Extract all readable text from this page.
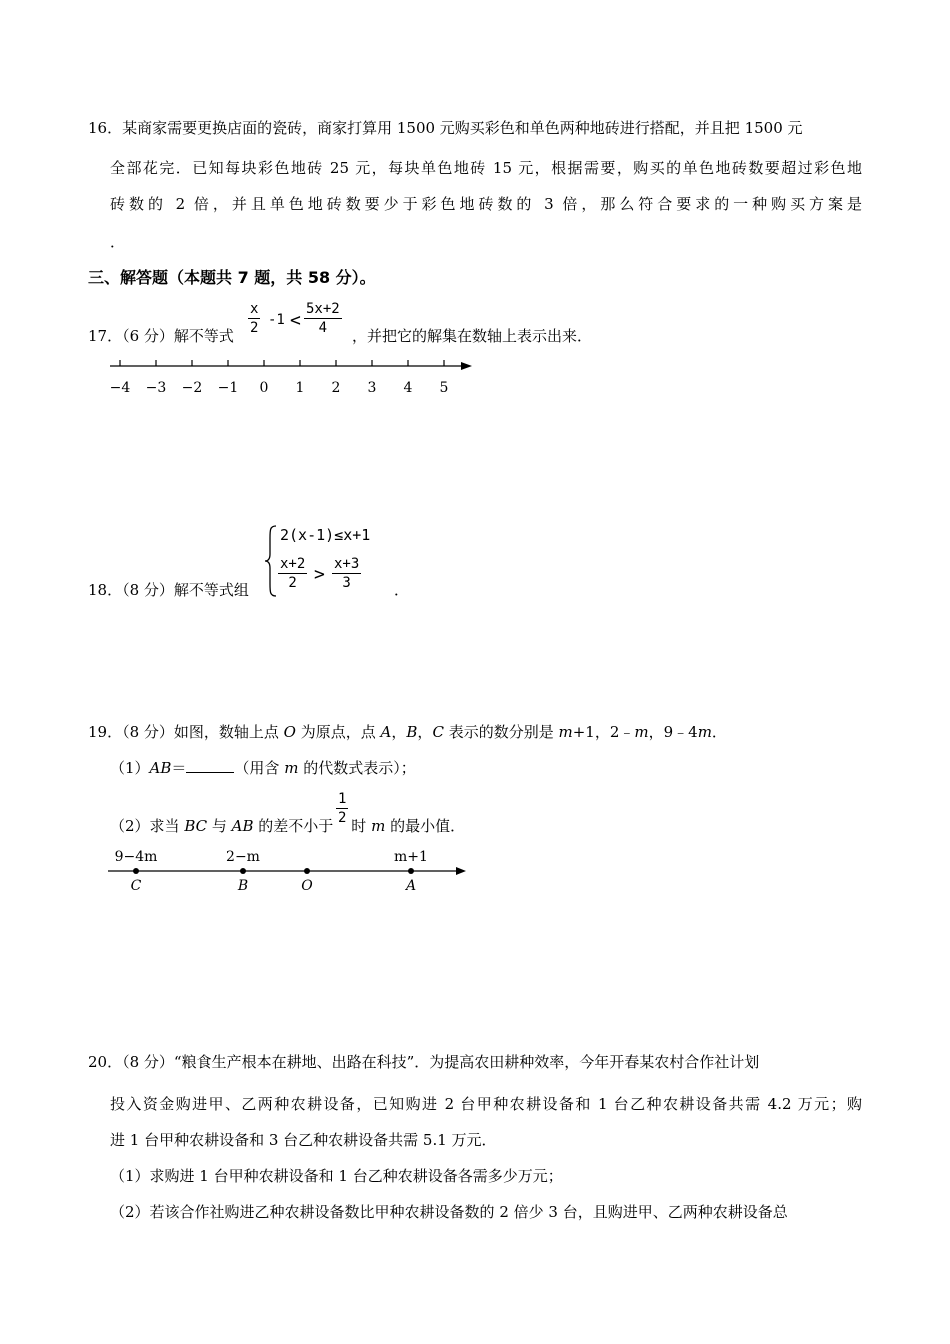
16．某商家需要更换店面的瓷砖，商家打算用 1500 元购买彩色和单色两种地砖进行搭配，并且把 1500 元
全部花完．已知每块彩色地砖 25 元，每块单色地砖 15 元，根据需要，购买的单色地砖数要超过彩色地
砖数的 2 倍，并且单色地砖数要少于彩色地砖数的 3 倍，那么符合要求的一种购买方案是
．
三、解答题（本题共 7 题，共 58 分）。
17．（6 分）解不等式 $\frac{x}{2} -1 < \frac{5x+2}{4}$ ，并把它的解集在数轴上表示出来．
−4 −3 −2 −1 0 1 2 3 4 5
18．（8 分）解不等式组
2(x-1)≤x+1
$\frac{x+2}{2} > \frac{x+3}{3}$ ．
19．（8 分）如图，数轴上点 O 为原点，点 A，B，C 表示的数分别是 m+1，2﹣m，9﹣4m．
（1）AB＝	（用含 m 的代数式表示）；
（2）求当 BC 与 AB 的差不小于 时 m 的最小值．
$\frac{1}{2}$
C
9−4m
B
2−m
O	A
m+1
20．（8 分）“粮食生产根本在耕地、出路在科技”．为提高农田耕种效率，今年开春某农村合作社计划
投入资金购进甲、乙两种农耕设备，已知购进 2 台甲种农耕设备和 1 台乙种农耕设备共需 4.2 万元；购
进 1 台甲种农耕设备和 3 台乙种农耕设备共需 5.1 万元．
（1）求购进 1 台甲种农耕设备和 1 台乙种农耕设备各需多少万元；
（2）若该合作社购进乙种农耕设备数比甲种农耕设备数的 2 倍少 3 台，且购进甲、乙两种农耕设备总
